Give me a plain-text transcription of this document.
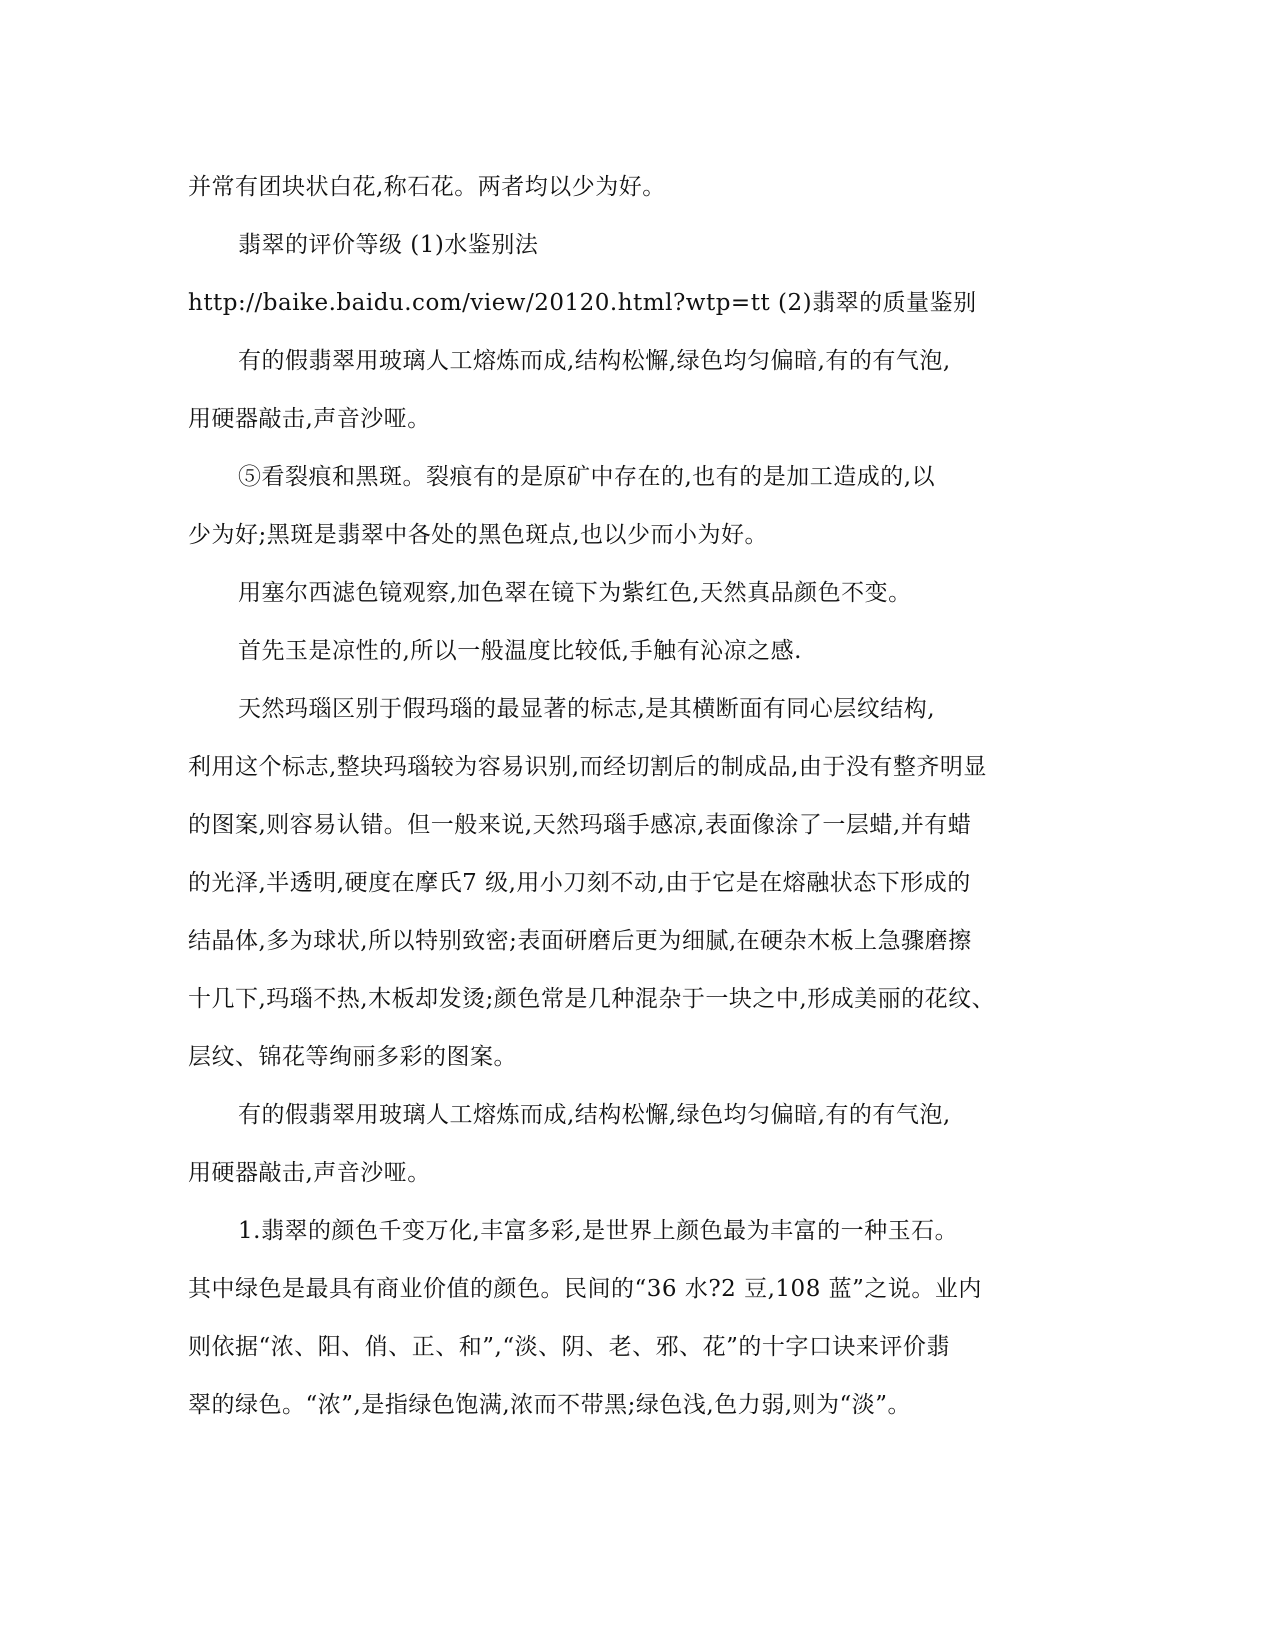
并常有团块状白花,称石花。两者均以少为好。
翡翠的评价等级 (1)水鉴别法
http://baike.baidu.com/view/20120.html?wtp=tt (2)翡翠的质量鉴别
有的假翡翠用玻璃人工熔炼而成,结构松懈,绿色均匀偏暗,有的有气泡,
用硬器敲击,声音沙哑。
⑤看裂痕和黑斑。裂痕有的是原矿中存在的,也有的是加工造成的,以
少为好;黑斑是翡翠中各处的黑色斑点,也以少而小为好。
用塞尔西滤色镜观察,加色翠在镜下为紫红色,天然真品颜色不变。
首先玉是凉性的,所以一般温度比较低,手触有沁凉之感.
天然玛瑙区别于假玛瑙的最显著的标志,是其横断面有同心层纹结构,
利用这个标志,整块玛瑙较为容易识别,而经切割后的制成品,由于没有整齐明显
的图案,则容易认错。但一般来说,天然玛瑙手感凉,表面像涂了一层蜡,并有蜡
的光泽,半透明,硬度在摩氏7 级,用小刀刻不动,由于它是在熔融状态下形成的
结晶体,多为球状,所以特别致密;表面研磨后更为细腻,在硬杂木板上急骤磨擦
十几下,玛瑙不热,木板却发烫;颜色常是几种混杂于一块之中,形成美丽的花纹、
层纹、锦花等绚丽多彩的图案。
有的假翡翠用玻璃人工熔炼而成,结构松懈,绿色均匀偏暗,有的有气泡,
用硬器敲击,声音沙哑。
1.翡翠的颜色千变万化,丰富多彩,是世界上颜色最为丰富的一种玉石。
其中绿色是最具有商业价值的颜色。民间的“36 水?2 豆,108 蓝”之说。业内
则依据“浓、阳、俏、正、和”,“淡、阴、老、邪、花”的十字口诀来评价翡
翠的绿色。“浓”,是指绿色饱满,浓而不带黑;绿色浅,色力弱,则为“淡”。
